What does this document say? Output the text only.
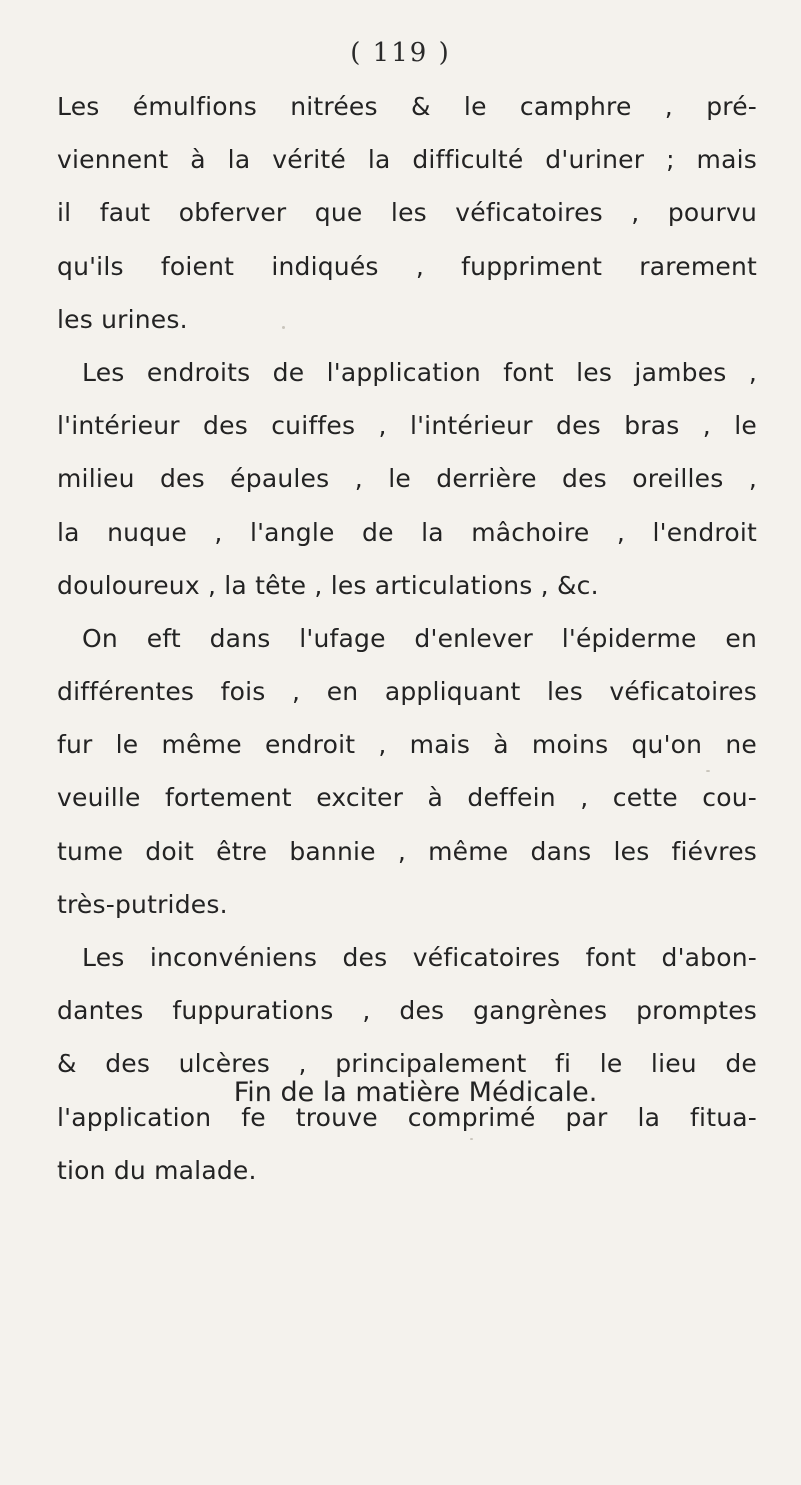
( 119 )
Les émulfions nitrées & le camphre , pré-
viennent à la vérité la difficulté d'uriner ; mais
il faut obferver que les véficatoires , pourvu
qu'ils foient indiqués , fuppriment rarement
les urines.
Les endroits de l'application font les jambes ,
l'intérieur des cuiffes , l'intérieur des bras , le
milieu des épaules , le derrière des oreilles ,
la nuque , l'angle de la mâchoire , l'endroit
douloureux , la tête , les articulations , &c.
On eft dans l'ufage d'enlever l'épiderme en
différentes fois , en appliquant les véficatoires
fur le même endroit , mais à moins qu'on ne
veuille fortement exciter à deffein , cette cou-
tume doit être bannie , même dans les fiévres
très-putrides.
Les inconvéniens des véficatoires font d'abon-
dantes fuppurations , des gangrènes promptes
& des ulcères , principalement fi le lieu de
l'application fe trouve comprimé par la fitua-
tion du malade.
Fin de la matière Médicale.
